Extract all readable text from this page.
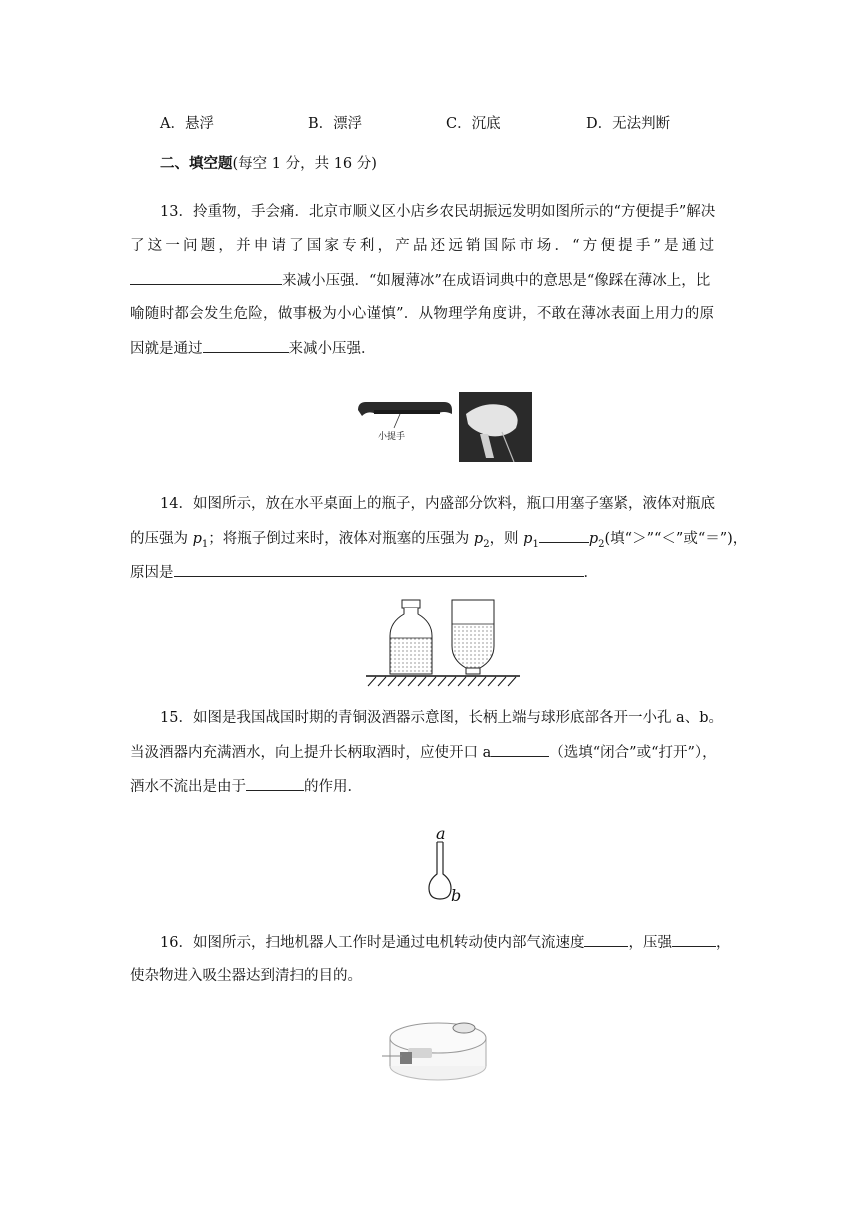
A．悬浮	B．漂浮	C．沉底	D．无法判断
二、填空题(每空 1 分，共 16 分)
13．拎重物，手会痛．北京市顺义区小店乡农民胡振远发明如图所示的“方便提手”解决
了这一问题，并申请了国家专利，产品还远销国际市场．“方便提手”是通过
来减小压强．“如履薄冰”在成语词典中的意思是“像踩在薄冰上，比
喻随时都会发生危险，做事极为小心谨慎”．从物理学角度讲，不敢在薄冰表面上用力的原
因就是通过	来减小压强．
小提手
14．如图所示，放在水平桌面上的瓶子，内盛部分饮料，瓶口用塞子塞紧，液体对瓶底
的压强为 $p_1$；将瓶子倒过来时，液体对瓶塞的压强为 $p_2$，则 $p_1$	$p_2$(填“＞”“＜”或“＝”)，
原因是	．
15．如图是我国战国时期的青铜汲酒器示意图，长柄上端与球形底部各开一小孔 a、b。
当汲酒器内充满酒水，向上提升长柄取酒时，应使开口 a	（选填“闭合”或“打开”），
酒水不流出是由于	的作用．
a
b
16．如图所示，扫地机器人工作时是通过电机转动使内部气流速度	，压强	，
使杂物进入吸尘器达到清扫的目的。
